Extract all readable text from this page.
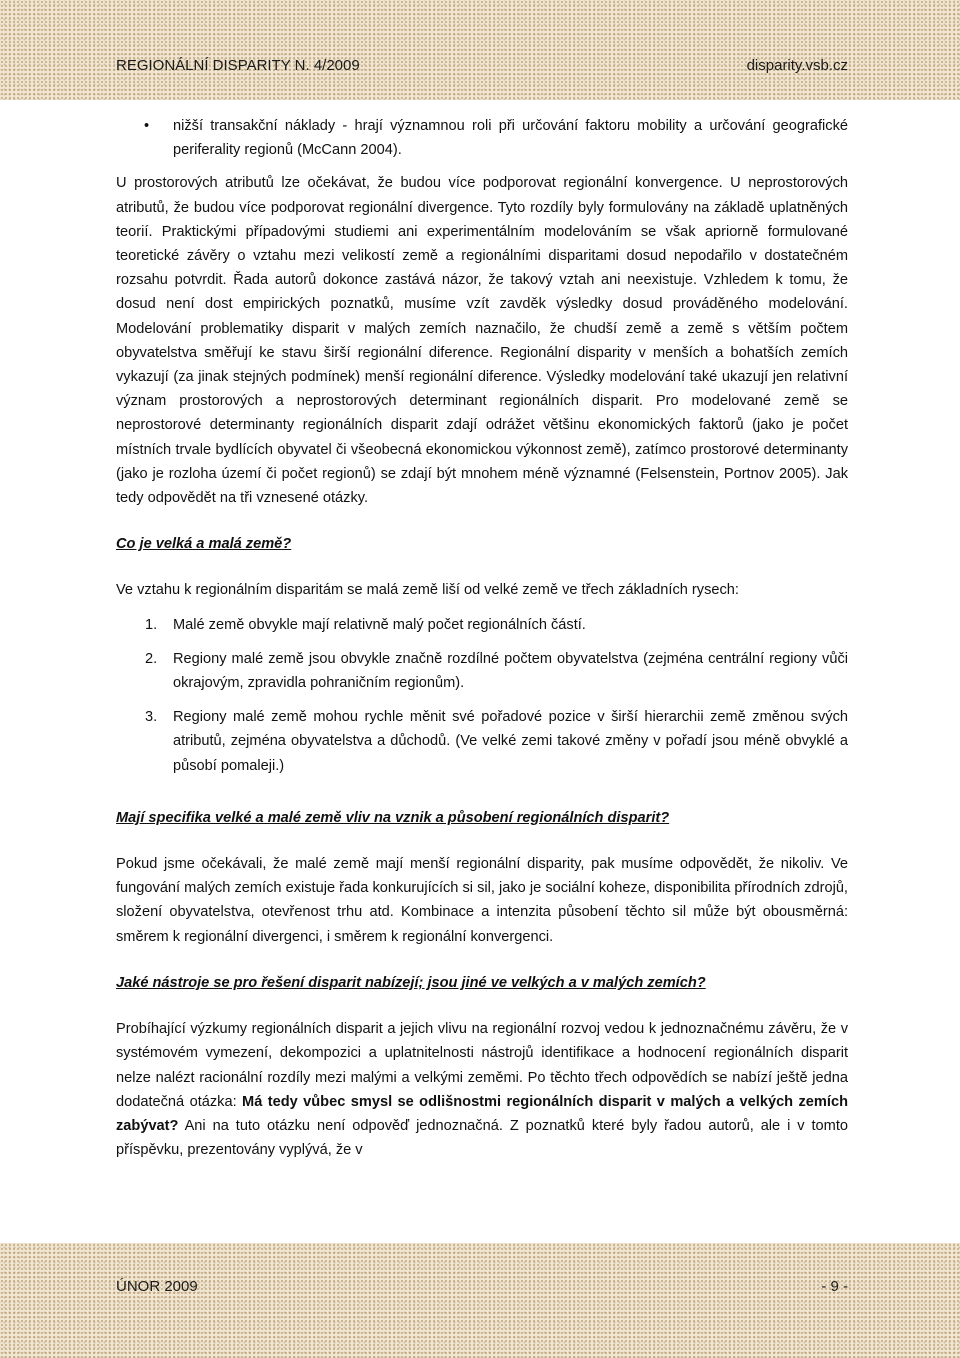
REGIONÁLNÍ DISPARITY N. 4/2009	disparity.vsb.cz

• nižší transakční náklady - hrají významnou roli při určování faktoru mobility a určování geografické periferality regionů (McCann 2004).

U prostorových atributů lze očekávat, že budou více podporovat regionální konvergence. U neprostorových atributů, že budou více podporovat regionální divergence. Tyto rozdíly byly formulovány na základě uplatněných teorií. Praktickými případovými studiemi ani experimentálním modelováním se však apriorně formulované teoretické závěry o vztahu mezi velikostí země a regionálními disparitami dosud nepodařilo v dostatečném rozsahu potvrdit. Řada autorů dokonce zastává názor, že takový vztah ani neexistuje. Vzhledem k tomu, že dosud není dost empirických poznatků, musíme vzít zavděk výsledky dosud prováděného modelování. Modelování problematiky disparit v malých zemích naznačilo, že chudší země a země s větším počtem obyvatelstva směřují ke stavu širší regionální diference. Regionální disparity v menších a bohatších zemích vykazují (za jinak stejných podmínek) menší regionální diference. Výsledky modelování také ukazují jen relativní význam prostorových a neprostorových determinant regionálních disparit. Pro modelované země se neprostorové determinanty regionálních disparit zdají odrážet většinu ekonomických faktorů (jako je počet místních trvale bydlících obyvatel či všeobecná ekonomickou výkonnost země), zatímco prostorové determinanty (jako je rozloha území či počet regionů) se zdají být mnohem méně významné (Felsenstein, Portnov 2005). Jak tedy odpovědět na tři vznesené otázky.

Co je velká a malá země?

Ve vztahu k regionálním disparitám se malá země liší od velké země ve třech základních rysech:

1. Malé země obvykle mají relativně malý počet regionálních částí.
2. Regiony malé země jsou obvykle značně rozdílné počtem obyvatelstva (zejména centrální regiony vůči okrajovým, zpravidla pohraničním regionům).
3. Regiony malé země mohou rychle měnit své pořadové pozice v širší hierarchii země změnou svých atributů, zejména obyvatelstva a důchodů. (Ve velké zemi takové změny v pořadí jsou méně obvyklé a působí pomaleji.)

Mají specifika velké a malé země vliv na vznik a působení regionálních disparit?

Pokud jsme očekávali, že malé země mají menší regionální disparity, pak musíme odpovědět, že nikoliv. Ve fungování malých zemích existuje řada konkurujících si sil, jako je sociální koheze, disponibilita přírodních zdrojů, složení obyvatelstva, otevřenost trhu atd. Kombinace a intenzita působení těchto sil může být obousměrná: směrem k regionální divergenci, i směrem k regionální konvergenci.

Jaké nástroje se pro řešení disparit nabízejí; jsou jiné ve velkých a v malých zemích?

Probíhající výzkumy regionálních disparit a jejich vlivu na regionální rozvoj vedou k jednoznačnému závěru, že v systémovém vymezení, dekompozici a uplatnitelnosti nástrojů identifikace a hodnocení regionálních disparit nelze nalézt racionální rozdíly mezi malými a velkými zeměmi. Po těchto třech odpovědích se nabízí ještě jedna dodatečná otázka: Má tedy vůbec smysl se odlišnostmi regionálních disparit v malých a velkých zemích zabývat? Ani na tuto otázku není odpověď jednoznačná. Z poznatků které byly řadou autorů, ale i v tomto příspěvku, prezentovány vyplývá, že v

ÚNOR 2009	- 9 -
